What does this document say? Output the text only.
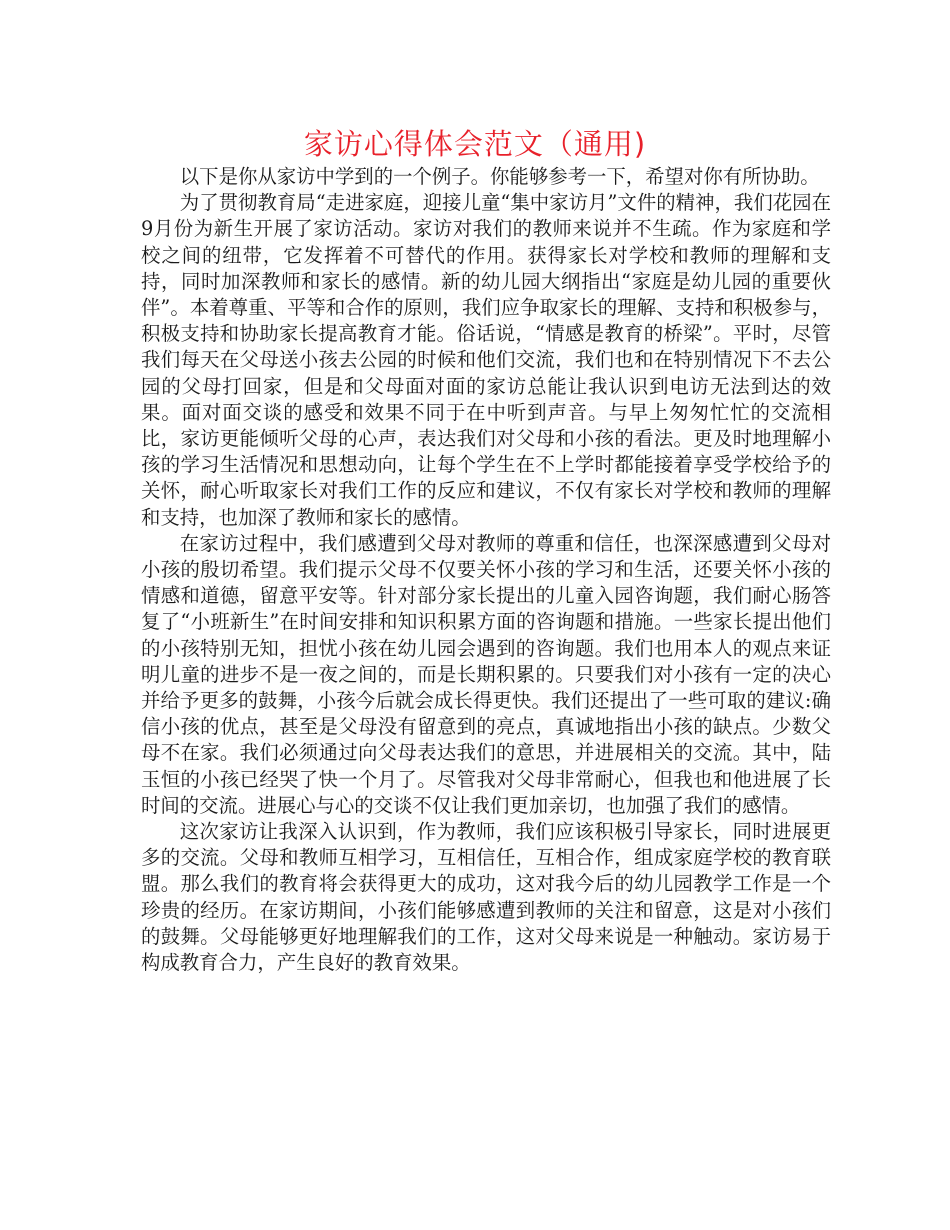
家访心得体会范文（通用)

以下是你从家访中学到的一个例子。你能够参考一下，希望对你有所协助。

为了贯彻教育局“走进家庭，迎接儿童“集中家访月”文件的精神，我们花园在9月份为新生开展了家访活动。家访对我们的教师来说并不生疏。作为家庭和学校之间的纽带，它发挥着不可替代的作用。获得家长对学校和教师的理解和支持，同时加深教师和家长的感情。新的幼儿园大纲指出“家庭是幼儿园的重要伙伴”。本着尊重、平等和合作的原则，我们应争取家长的理解、支持和积极参与，积极支持和协助家长提高教育才能。俗话说，“情感是教育的桥梁”。平时，尽管我们每天在父母送小孩去公园的时候和他们交流，我们也和在特别情况下不去公园的父母打回家，但是和父母面对面的家访总能让我认识到电访无法到达的效果。面对面交谈的感受和效果不同于在中听到声音。与早上匆匆忙忙的交流相比，家访更能倾听父母的心声，表达我们对父母和小孩的看法。更及时地理解小孩的学习生活情况和思想动向，让每个学生在不上学时都能接着享受学校给予的关怀，耐心听取家长对我们工作的反应和建议，不仅有家长对学校和教师的理解和支持，也加深了教师和家长的感情。

在家访过程中，我们感遭到父母对教师的尊重和信任，也深深感遭到父母对小孩的殷切希望。我们提示父母不仅要关怀小孩的学习和生活，还要关怀小孩的情感和道德，留意平安等。针对部分家长提出的儿童入园咨询题，我们耐心肠答复了“小班新生”在时间安排和知识积累方面的咨询题和措施。一些家长提出他们的小孩特别无知，担忧小孩在幼儿园会遇到的咨询题。我们也用本人的观点来证明儿童的进步不是一夜之间的，而是长期积累的。只要我们对小孩有一定的决心并给予更多的鼓舞，小孩今后就会成长得更快。我们还提出了一些可取的建议:确信小孩的优点，甚至是父母没有留意到的亮点，真诚地指出小孩的缺点。少数父母不在家。我们必须通过向父母表达我们的意思，并进展相关的交流。其中，陆玉恒的小孩已经哭了快一个月了。尽管我对父母非常耐心，但我也和他进展了长时间的交流。进展心与心的交谈不仅让我们更加亲切，也加强了我们的感情。

这次家访让我深入认识到，作为教师，我们应该积极引导家长，同时进展更多的交流。父母和教师互相学习，互相信任，互相合作，组成家庭学校的教育联盟。那么我们的教育将会获得更大的成功，这对我今后的幼儿园教学工作是一个珍贵的经历。在家访期间，小孩们能够感遭到教师的关注和留意，这是对小孩们的鼓舞。父母能够更好地理解我们的工作，这对父母来说是一种触动。家访易于构成教育合力，产生良好的教育效果。
